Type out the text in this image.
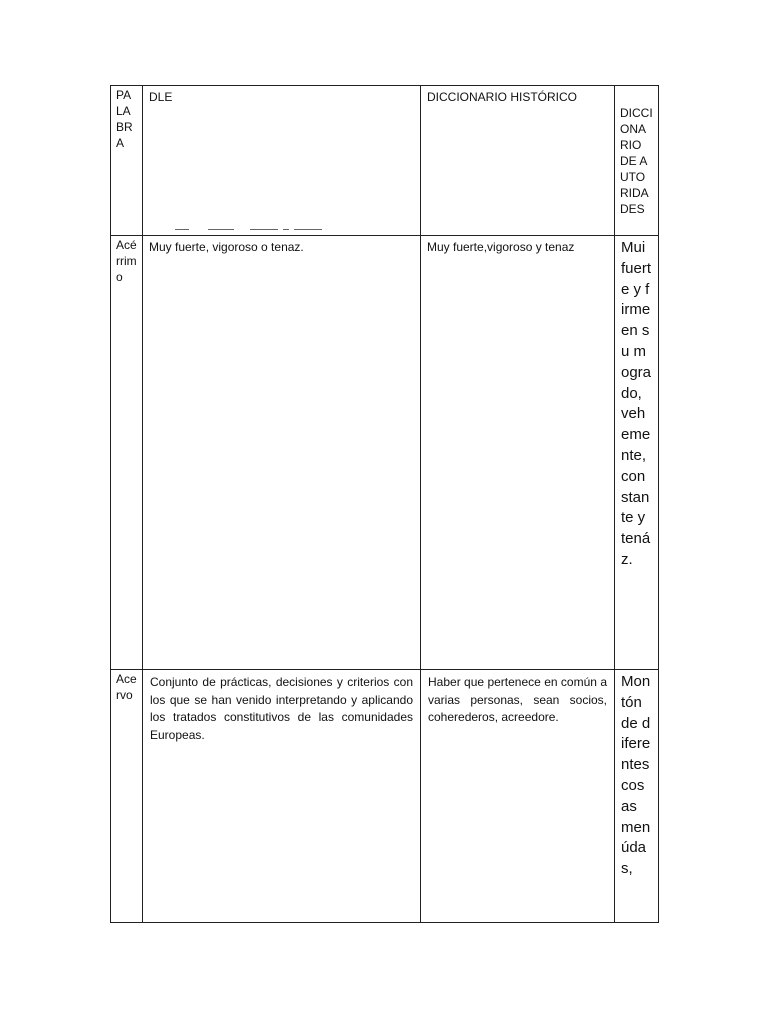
PALABRA	DLE	DICCIONARIO HISTÓRICO	DICCIONARIO DE AUTORIDADES

Acérrimo	Muy fuerte, vigoroso o tenaz.	Muy fuerte,vigoroso y tenaz	Mui fuerte y firme en su mogrado, vehemente, constante y tenáz.

Acervo	Conjunto de prácticas, decisiones y criterios con los que se han venido interpretando y aplicando los tratados constitutivos de las comunidades Europeas.	Haber que pertenece en común a varias personas, sean socios, coherederos, acreedore.	Montón de diferentes cosas menúdas,
